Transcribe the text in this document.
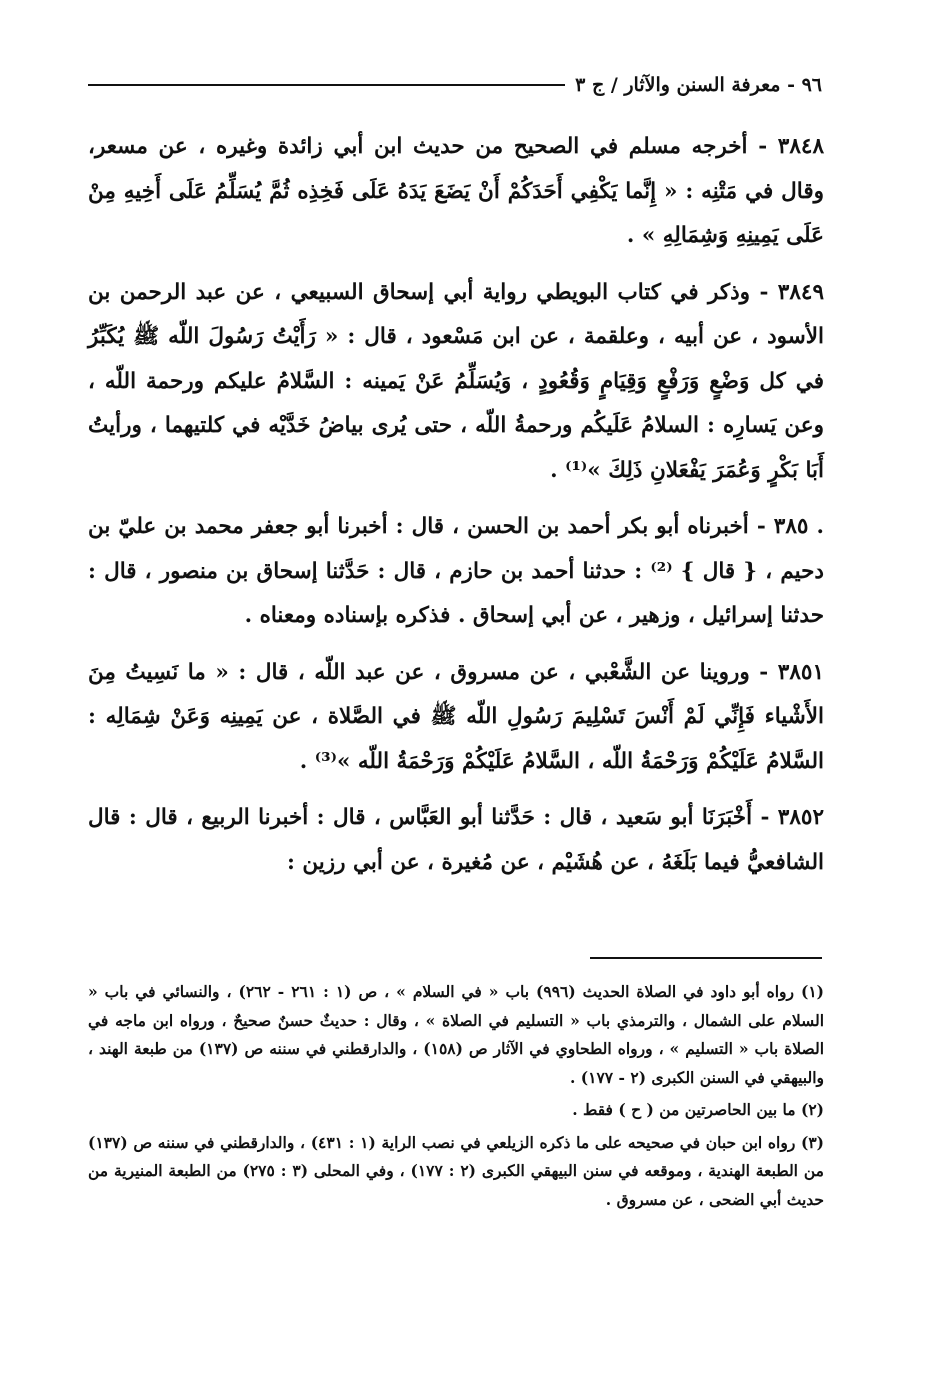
٩٦ - معرفة السنن والآثار / ج ٣

٣٨٤٨ - أخرجه مسلم في الصحيح من حديث ابن أبي زائدة وغيره ، عن مسعر، وقال في مَتْنِه : « إِنَّما يَكْفِي أَحَدَكُمْ أَنْ يَضَعَ يَدَهُ عَلَى فَخِذِه ثُمَّ يُسَلِّمُ عَلَى أَخِيهِ مِنْ عَلَى يَمِينِهِ وَشِمَالِهِ » .

٣٨٤٩ - وذكر في كتاب البويطي رواية أبي إسحاق السبيعي ، عن عبد الرحمن بن الأسود ، عن أبيه ، وعلقمة ، عن ابن مَسْعود ، قال : « رَأَيْتُ رَسُولَ اللّه ﷺ يُكَبِّرُ في كل وَضْعٍ وَرَفْعٍ وَقِيَامٍ وَقُعُودٍ ، وَيُسَلِّمُ عَنْ يَمينه : السَّلامُ عليكم ورحمة اللّه ، وعن يَسارِه : السلامُ عَلَيكُم ورحمةُ اللّه ، حتى يُرى بياضُ خَدَّيْه في كلتيهما ، ورأيتُ أَبَا بَكْرٍ وَعُمَرَ يَفْعَلانِ ذَلِكَ »⁽¹⁾ .

. ٣٨٥ - أخبرناه أبو بكر أحمد بن الحسن ، قال : أخبرنا أبو جعفر محمد بن عليّ بن دحيم ، { قال } ⁽²⁾ : حدثنا أحمد بن حازم ، قال : حَدَّثنا إسحاق بن منصور ، قال : حدثنا إسرائيل ، وزهير ، عن أبي إسحاق . فذكره بإسناده ومعناه .

٣٨٥١ - وروينا عن الشَّعْبي ، عن مسروق ، عن عبد اللّه ، قال : « ما نَسِيتُ مِنَ الأَشْياء فَإِنِّي لَمْ أَنْسَ تَسْلِيمَ رَسُولِ اللّه ﷺ في الصَّلاة ، عن يَمِينِه وَعَنْ شِمَالِه : السَّلامُ عَلَيْكُمْ وَرَحْمَةُ اللّه ، السَّلامُ عَلَيْكُمْ وَرَحْمَةُ اللّه »⁽³⁾ .

٣٨٥٢ - أَخْبَرَنَا أبو سَعيد ، قال : حَدَّثنا أبو العَبَّاس ، قال : أخبرنا الربيع ، قال : قال الشافعيُّ فيما بَلَغَهُ ، عن هُشَيْم ، عن مُغيرة ، عن أبي رزين :

(١) رواه أبو داود في الصلاة الحديث (٩٩٦) باب « في السلام » ، ص (١ : ٢٦١ - ٢٦٢) ، والنسائي في باب « السلام على الشمال ، والترمذي باب « التسليم في الصلاة » ، وقال : حديثٌ حسنٌ صحيحٌ ، ورواه ابن ماجه في الصلاة باب « التسليم » ، ورواه الطحاوي في الآثار ص (١٥٨) ، والدارقطني في سننه ص (١٣٧) من طبعة الهند ، والبيهقي في السنن الكبرى (٢ - ١٧٧) .

(٢) ما بين الحاصرتين من ( ح ) فقط .

(٣) رواه ابن حبان في صحيحه على ما ذكره الزيلعي في نصب الراية (١ : ٤٣١) ، والدارقطني في سننه ص (١٣٧) من الطبعة الهندية ، وموقعه في سنن البيهقي الكبرى (٢ : ١٧٧) ، وفي المحلى (٣ : ٢٧٥) من الطبعة المنيرية من حديث أبي الضحى ، عن مسروق .
